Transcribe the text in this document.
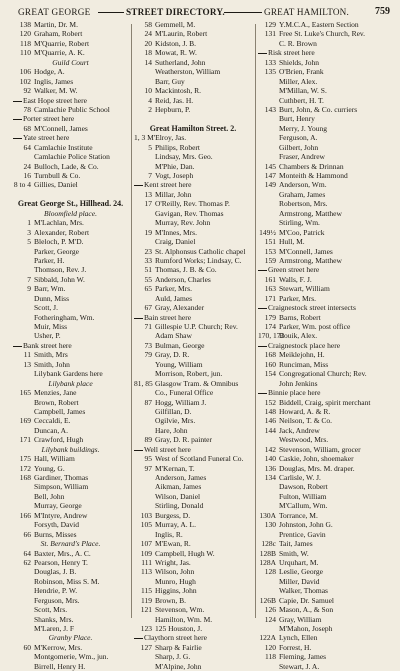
GREAT GEORGE	STREET DIRECTORY.	GREAT HAMILTON.	759
138 Martin, Dr. M.
120 Graham, Robert
118 M'Quarrie, Robert
110 M'Quarrie, A. K.
Guild Court
106 Hodge, A.
102 Inglis, James
92 Walker, M. W.
East Hope street here
78 Camlachie Public School
Porter street here
68 M'Connell, James
Yate street here
64 Camlachie Institute
Camlachie Police Station
24 Bulloch, Lade, & Co.
16 Turnbull & Co.
8 to 4 Gillies, Daniel
Great George St., Hillhead. 24.
Bloomfield place.
1 M'Lachlan, Mrs.
3 Alexander, Robert
5 Bleloch, P. M'D.
Parker, George
Parker, H.
Thomson, Rev. J.
7 Sibbald, John W.
9 Barr, Wm.
Dunn, Miss
Scott, J.
Fotheringham, Wm.
Muir, Miss
Usher, P.
Bank street here
11 Smith, Mrs
13 Smith, John
Lilybank Gardens here
Lilybank place
165 Menzies, Jane
Brown, Robert
Campbell, James
169 Ceccaldi, E.
Duncan, A.
171 Crawford, Hugh
Lilybank buildings.
175 Hall, William
172 Young, G.
168 Gardiner, Thomas
Simpson, William
Bell, John
Murray, George
166 M'Intyre, Andrew
Forsyth, David
66 Burns, Misses
St. Bernard's Place.
64 Baxter, Mrs., A. C.
62 Pearson, Henry T.
Douglas, J. B.
Robinson, Miss S. M.
Hendrie, P. W.
Ferguson, Mrs.
Scott, Mrs.
Shanks, Mrs.
M'Laren, J. F
Granby Place.
60 M'Kerrow, Mrs.
Montgomerie, Wm., jun.
Birrell, Henry H.
58 Gemmell, M.
24 M'Laurin, Robert
20 Kidston, J. B.
18 Mowat, R. W.
14 Sutherland, John
Weatherston, William
Barr, Guy
10 Mackintosh, R.
4 Reid, Jas. H.
2 Hepburn, P.
Great Hamilton Street. 2.
1, 3 M'Elroy, Jas.
5 Philips, Robert
Lindsay, Mrs. Geo.
M'Phie, Dan.
7 Vogt, Joseph
Kent street here
13 Millar, John
17 O'Reilly, Rev. Thomas P.
Gavigan, Rev. Thomas
Murray, Rev. John
19 M'Innes, Mrs.
Craig, Daniel
23 St. Alphonsus Catholic chapel
33 Rumford Works; Lindsay, C.
51 Thomas, J. B. & Co.
55 Anderson, Charles
65 Parker, Mrs.
Auld, James
67 Gray, Alexander
Bain street here
71 Gillespie U.P. Church; Rev.
Adam Shaw
73 Bulman, George
79 Gray, D. R.
Young, William
Morrison, Robert, jun.
81, 85 Glasgow Tram. & Omnibus
Co., Funeral Office
87 Hogg, William J.
Gilfillan, D.
Ogilvie, Mrs.
Hare, John
89 Gray, D. R. painter
Well street here
95 West of Scotland Funeral Co.
97 M'Kernan, T.
Anderson, James
Aikman, James
Wilson, Daniel
Stirling, Donald
103 Burgess, D.
105 Murray, A. L.
Inglis, R.
107 M'Ewan, R.
109 Campbell, Hugh W.
111 Wright, Jas.
113 Wilson, John
Munro, Hugh
115 Higgins, John
119 Brown, B.
121 Stevenson, Wm.
Hamilton, Wm. M.
123 125 Houston, J.
Claythorn street here
127 Sharp & Fairlie
Sharp, J. G.
M'Alpine, John
129 Y.M.C.A., Eastern Section
131 Free St. Luke's Church, Rev.
C. R. Brown
Risk street here
133 Shields, John
135 O'Brien, Frank
Miller, Alex.
M'Millan, W. S.
Cuthbert, H. T.
143 Burt, John, & Co. curriers
Burt, Henry
Merry, J. Young
Ferguson, A.
Gilbert, John
Fraser, Andrew
145 Chambers & Drinnan
147 Monteith & Hammond
149 Anderson, Wm.
Graham, James
Robertson, Mrs.
Armstrong, Matthew
Stirling, Wm.
149½ M'Coo, Patrick
151 Hull, M.
153 M'Connell, James
159 Armstrong, Matthew
Green street here
161 Walls, F. J.
163 Stewart, William
171 Parker, Mrs.
Craignestock street intersects
179 Barns, Robert
174 Parker, Wm. post office
170, 172Bouik, Alex.
Craignestock place here
168 Meiklejohn, H.
160 Runciman, Miss
154 Congregational Church; Rev.
John Jenkins
Binnie place here
152 Biddell, Craig, spirit merchant
148 Howard, A. & R.
146 Neilson, T. & Co.
144 Jack, Andrew
Westwood, Mrs.
142 Stevenson, William, grocer
140 Caskie, John, shoemaker
136 Douglas, Mrs. M. draper.
134 Carlisle, W. J.
Dawson, Robert
Fulton, William
M'Callum, Wm.
130A Torrance, M.
130 Johnston, John G.
Prentice, Gavin
128c Tait, James
128B Smith, W.
128A Urquhart, M.
128 Leslie, George
Miller, David
Walker, Thomas
126B Capie, Dr. Samuel
126 Mason, A., & Son
124 Gray, William
M'Mahon, Joseph
122A Lynch, Ellen
120 Forrest, H.
118 Fleming, James
Stewart, J. A.
